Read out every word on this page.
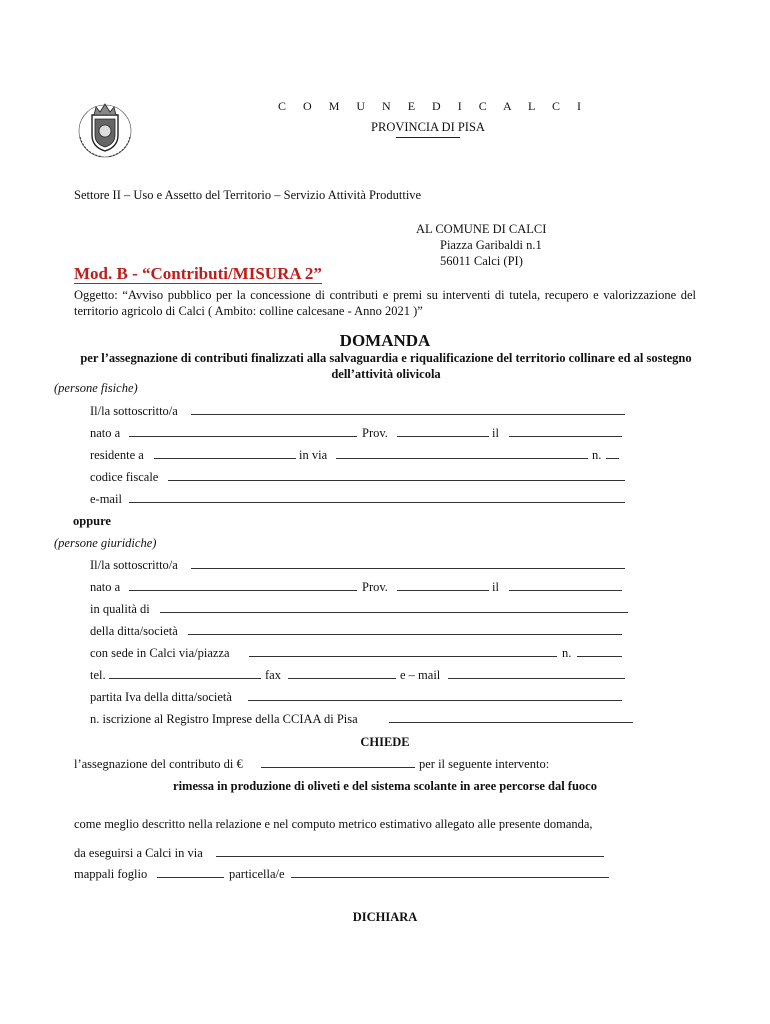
C O M U N E D I C A L C I
PROVINCIA DI PISA
Settore II – Uso e Assetto del Territorio – Servizio Attività Produttive
AL COMUNE DI CALCI
Piazza Garibaldi n.1
56011 Calci (PI)
Mod. B - “Contributi/MISURA 2”
Oggetto: “Avviso pubblico per la concessione di contributi e premi su interventi di tutela, recupero e valorizzazione del territorio agricolo di Calci ( Ambito: colline calcesane - Anno 2021 )”
DOMANDA
per l’assegnazione di contributi finalizzati alla salvaguardia e riqualificazione del territorio collinare ed al sostegno dell’attività olivicola
(persone fisiche)
Il/la sottoscritto/a
nato a	Prov.	il
residente a	in via	n.
codice fiscale
e-mail
oppure
(persone giuridiche)
Il/la sottoscritto/a
nato a	Prov.	il
in qualità di
della ditta/società
con sede in Calci via/piazza	n.
tel.	fax	e – mail
partita Iva della ditta/società
n. iscrizione al Registro Imprese della CCIAA di Pisa
CHIEDE
l’assegnazione del contributo di €	per il seguente intervento:
rimessa in produzione di oliveti e del sistema scolante in aree percorse dal fuoco
come meglio descritto nella relazione e nel computo metrico estimativo allegato alle presente domanda,
da eseguirsi a Calci in via
mappali foglio	particella/e
DICHIARA
